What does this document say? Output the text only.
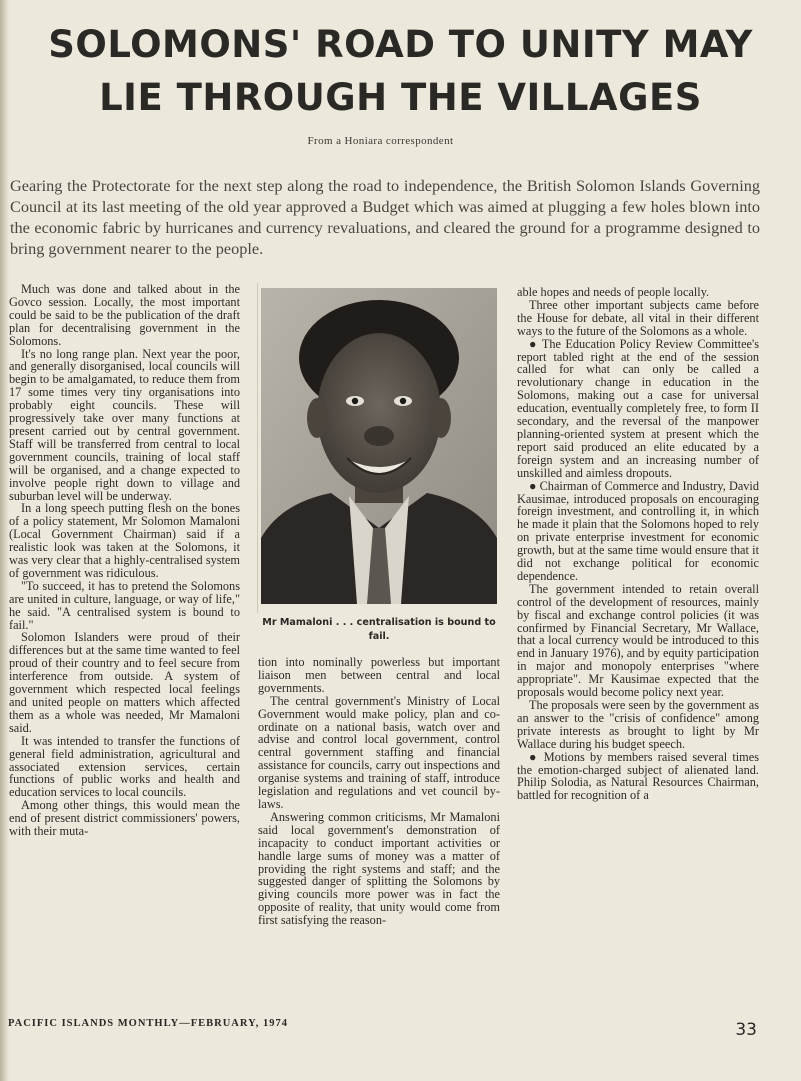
SOLOMONS' ROAD TO UNITY MAY
LIE THROUGH THE VILLAGES
From a Honiara correspondent
Gearing the Protectorate for the next step along the road to independence, the British Solomon Islands Governing Council at its last meeting of the old year approved a Budget which was aimed at plugging a few holes blown into the economic fabric by hurricanes and currency revaluations, and cleared the ground for a programme designed to bring government nearer to the people.

Much was done and talked about in the Govco session. Locally, the most important could be said to be the publication of the draft plan for decentralising government in the Solomons.

It's no long range plan. Next year the poor, and generally disorganised, local councils will begin to be amalgamated, to reduce them from 17 some times very tiny organisations into probably eight councils. These will progressively take over many functions at present carried out by central government. Staff will be transferred from central to local government councils, training of local staff will be organised, and a change expected to involve people right down to village and suburban level will be underway.

In a long speech putting flesh on the bones of a policy statement, Mr Solomon Mamaloni (Local Government Chairman) said if a realistic look was taken at the Solomons, it was very clear that a highly-centralised system of government was ridiculous.

"To succeed, it has to pretend the Solomons are united in culture, language, or way of life," he said. "A centralised system is bound to fail."

Solomon Islanders were proud of their differences but at the same time wanted to feel proud of their country and to feel secure from interference from outside. A system of government which respected local feelings and united people on matters which affected them as a whole was needed, Mr Mamaloni said.

It was intended to transfer the functions of general field administration, agricultural and associated extension services, certain functions of public works and health and education services to local councils.

Among other things, this would mean the end of present district commissioners' powers, with their muta-

Mr Mamaloni . . . centralisation is bound to fail.

tion into nominally powerless but important liaison men between central and local governments.

The central government's Ministry of Local Government would make policy, plan and co-ordinate on a national basis, watch over and advise and control local government, control central government staffing and financial assistance for councils, carry out inspections and organise systems and training of staff, introduce legislation and regulations and vet council by-laws.

Answering common criticisms, Mr Mamaloni said local government's demonstration of incapacity to conduct important activities or handle large sums of money was a matter of providing the right systems and staff; and the suggested danger of splitting the Solomons by giving councils more power was in fact the opposite of reality, that unity would come from first satisfying the reason-

able hopes and needs of people locally.

Three other important subjects came before the House for debate, all vital in their different ways to the future of the Solomons as a whole.

● The Education Policy Review Committee's report tabled right at the end of the session called for what can only be called a revolutionary change in education in the Solomons, making out a case for universal education, eventually completely free, to form II secondary, and the reversal of the manpower planning-oriented system at present which the report said produced an elite educated by a foreign system and an increasing number of unskilled and aimless dropouts.

● Chairman of Commerce and Industry, David Kausimae, introduced proposals on encouraging foreign investment, and controlling it, in which he made it plain that the Solomons hoped to rely on private enterprise investment for economic growth, but at the same time would ensure that it did not exchange political for economic dependence.

The government intended to retain overall control of the development of resources, mainly by fiscal and exchange control policies (it was confirmed by Financial Secretary, Mr Wallace, that a local currency would be introduced to this end in January 1976), and by equity participation in major and monopoly enterprises "where appropriate". Mr Kausimae expected that the proposals would become policy next year.

The proposals were seen by the government as an answer to the "crisis of confidence" among private interests as brought to light by Mr Wallace during his budget speech.

● Motions by members raised several times the emotion-charged subject of alienated land. Philip Solodia, as Natural Resources Chairman, battled for recognition of a

PACIFIC ISLANDS MONTHLY—FEBRUARY, 1974	33
